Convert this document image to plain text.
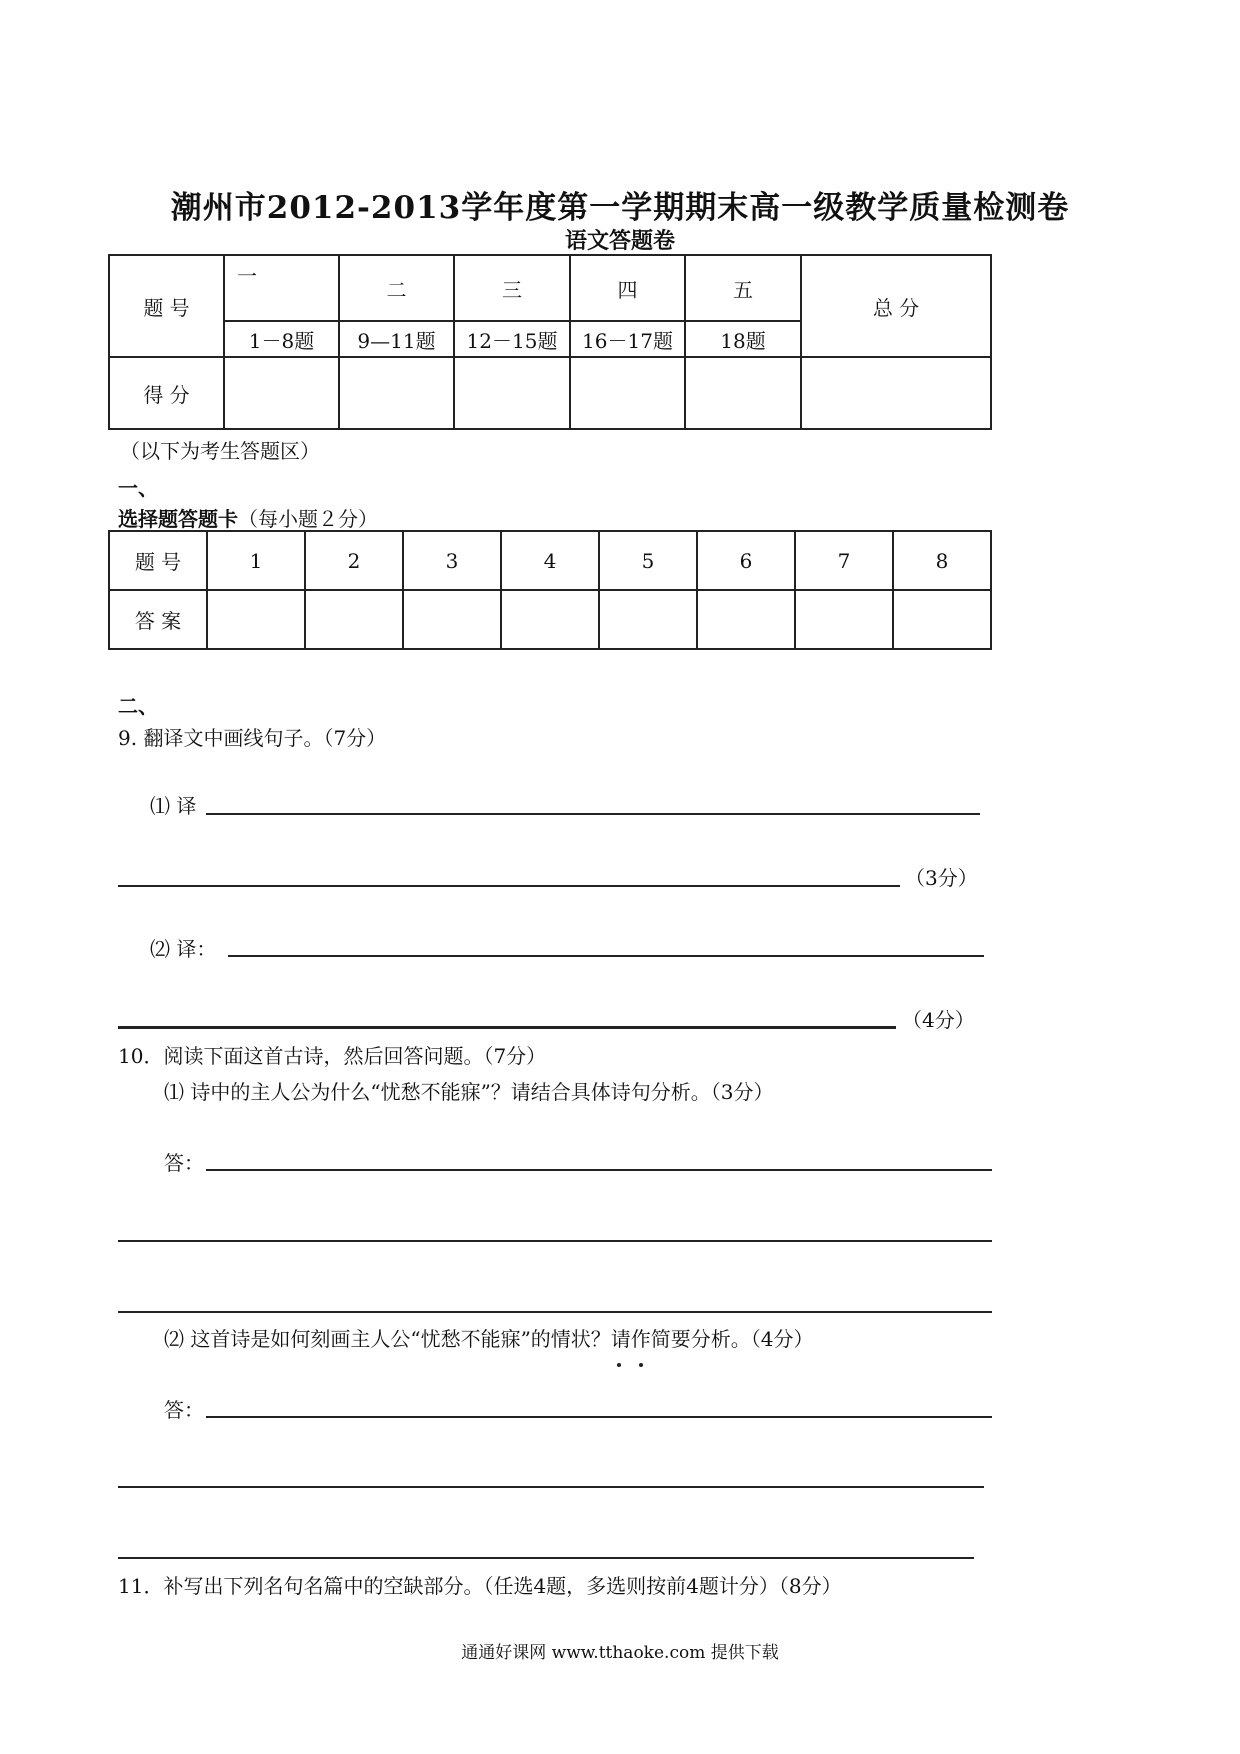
潮州市2012-2013学年度第一学期期末高一级教学质量检测卷
语文答题卷
题 号	一	二	三	四	五	总 分
	1－8题	9—11题	12－15题	16－17题	18题	
得 分						
（以下为考生答题区）
一、
选择题答题卡（每小题２分）
题 号	1	2	3	4	5	6	7	8
答 案								
二、
9. 翻译文中画线句子。（7分）
⑴ 译
（3分）
⑵ 译：
（4分）
10．阅读下面这首古诗，然后回答问题。（7分）
⑴ 诗中的主人公为什么“忧愁不能寐”？请结合具体诗句分析。（3分）
答：
⑵ 这首诗是如何刻画主人公“忧愁不能寐”的情状？请作简要分析。（4分）
答：
11．补写出下列名句名篇中的空缺部分。（任选4题，多选则按前4题计分）（8分）
通通好课网 www.tthaoke.com 提供下载
